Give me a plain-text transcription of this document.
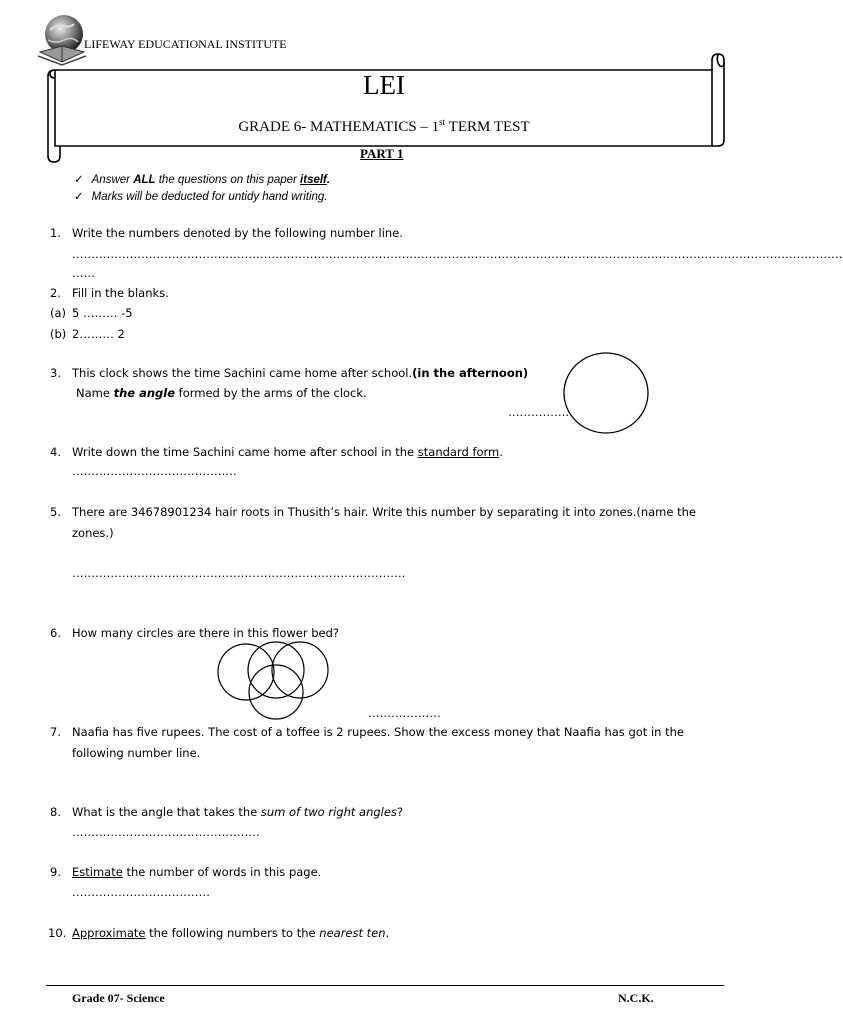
LIFEWAY EDUCATIONAL INSTITUTE
LEI
GRADE 6- MATHEMATICS – 1st TERM TEST
PART 1
✓ Answer ALL the questions on this paper itself.
✓ Marks will be deducted for untidy hand writing.
1. Write the numbers denoted by the following number line.
…………………………………………………………………………………………………………………………………………………………………………………
……
2. Fill in the blanks.
(a) 5 ……… -5
(b) 2……… 2
3. This clock shows the time Sachini came home after school.(in the afternoon)
Name the angle formed by the arms of the clock.
…………….
4. Write down the time Sachini came home after school in the standard form.
…………………………………….
5. There are 34678901234 hair roots in Thusith’s hair. Write this number by separating it into zones.(name the
zones.)
……………………………………………………………………………
6. How many circles are there in this flower bed?
……………….
7. Naafia has five rupees. The cost of a toffee is 2 rupees. Show the excess money that Naafia has got in the
following number line.
8. What is the angle that takes the sum of two right angles?
………………………………………….
9. Estimate the number of words in this page.
………………………………
10. Approximate the following numbers to the nearest ten.
Grade 07- Science	N.C.K.
